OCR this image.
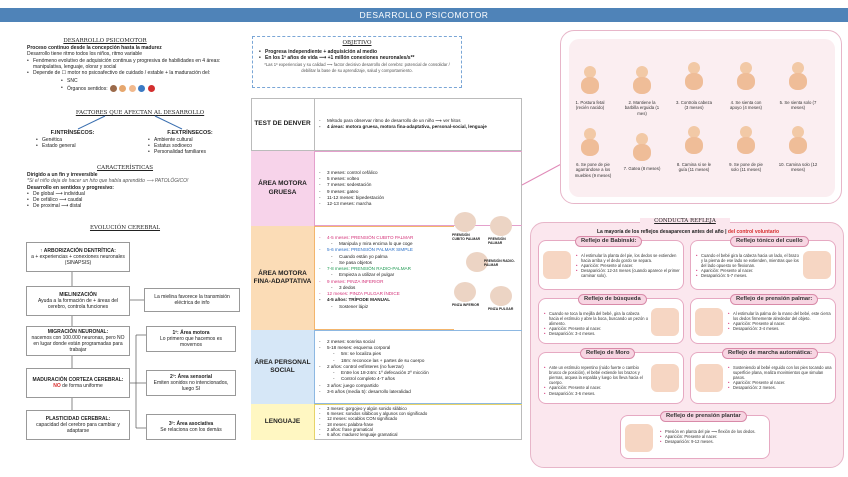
DESARROLLO PSICOMOTOR
DESARROLLO PSICOMOTOR
Proceso continuo desde la concepción hasta la madurez
Desarrollo tiene ritmo todos los niños, ritmo variable
• Fenómeno evolutivo de adquisición continua y progresiva de habilidades en 4 áreas: manipulativa, lenguaje, olorar y social
• Depende de ☐ motor no psicoafectivo de cuidado / estable + la maduración del:
• SNC
• Órganos sentidos:
FACTORES QUE AFECTAN AL DESARROLLO
F.INTRÍNSECOS:
• Genética
• Estado general
F.EXTRÍNSECOS:
• Ambiente cultural
• Estatus sodioeco
• Personalidad familiares
CARACTERÍSTICAS
Dirigido a un fin y irreversible
*Si el niño deja de hacer un hito que había aprendido ⟶ PATOLÓGICO!
Desarrollo en sentidos y progresivo:
• De global ⟶ individual
• De cefálico ⟶ caudal
• De proximal ⟶ distal
EVOLUCIÓN CEREBRAL
↑ ARBORIZACIÓN DENTRÍTICA:
a + experiencias + conexiones neuronales (SINAPSIS)
MIELINIZACIÓN
Ayuda a la formación de + áreas del cerebro, controla funciones
La mielina favorece la transmisión eléctrica de info
MIGRACIÓN NEURONAL:
nacemos con 100.000 neuronas, pero NO en lugar donde están programadas para trabajar
MADURACIÓN CORTEZA CEREBRAL:
NO de forma uniforme
PLASTICIDAD CEREBRAL:
capacidad del cerebro para cambiar y adaptarse
1º: Área motora
Lo primero que hacemos es movernos
2º: Área sensorial
Emiten sonidos no intencionados, luego SI
3º: Área asociativa
Se relaciona con los demás
OBJETIVO
• Progresa independiente + adquisición al medio
• En los 1º años de vida ⟶ +1 millón conexiones neuronales/s**
*Las 1º experiencias y su calidad ⟶ factor decisivo desarrollo del cerebro: potencial de consolidar / debilitar la base de su aprendizaje, salud y comportamiento.
TEST DE DENVER
-	Método para observar ritmo de desarrollo de un niño ⟶ ver hitos
- 4 áreas: motora gruesa, motora fina-adaptativa, personal-social, lenguaje
ÁREA MOTORA GRUESA
- 3 meses: control cefálico
- 5 meses: volteo
- 7 meses: sedestación
- 9 meses: gateo
- 11-12 meses: bipedestación
- 12-13 meses: marcha
ÁREA MOTORA FINA-ADAPTATIVA
- 4-5 meses: PRENSIÓN CUBITO PALMAR
- Manipula y mira encima lo que coge
- 5-6 meses: PRENSIÓN PALMAR SIMPLE
- Cuando están yo palma
- Se pasa objetos
- 7-8 meses: PRENSIÓN RADIO-PALMAR
- Empieza a utilizar el pulgar
- 9 meses: PINZA INFERIOR
- 3 dedos
- 12 meses: PINZA PULGAR ÍNDICE
- 4-5 años: TRÍPODE MANUAL
- Sostener lápiz
PRENSIÓN CUBITO PALMAR	PRENSIÓN PALMAR
PRENSIÓN RADIO-PALMAR
PINZA INFERIOR
PINZA PULGAR
ÁREA PERSONAL SOCIAL
- 2 meses: sonrisa social
- 5-18 meses: esquema corporal
- 5m: se localiza pies
- 18m: reconoce las + partes de su cuerpo
- 2 años: control esfínteres (no fuerzar)
- Entre los 18-24m: 1º defecación 2º micción
- Control completo 4-7 años
- 3 años: juego compartido
- 3-6 años (media 5): desarrollo lateralidad
LENGUAJE
- 3 meses: gorgojeo y algún sonido silábico
- 6 meses: sonidos silábicos y algunos con significado
- 12 meses: vocablos CON significado
- 18 meses: palabra-frase
- 2 años: frase gramatical
- 6 años: madurez lenguaje gramatical
1. Postura fetal (recién nacido)
2. Mantiene la barbilla erguida (1 mes)
3. Controla cabeza (3 meses)
4. Se sienta con apoyo (4 meses)
5. Se sienta solo (7 meses)
6. Se pone de pie agarrándose a los muebles (9 meses)
7. Gatea (8 meses)
8. Camina si se le guía (11 meses)
9. Se pone de pie solo (11 meses)
10. Camina solo (12 meses)
CONDUCTA REFLEJA
La mayoría de los reflejos desaparecen antes del año | del control voluntario
• Al estimular la planta del pie, los dedos se extienden hacia arriba y el dedo gordo se separa.
• Aparición: Presente al nacer.
• Desaparición: 12-24 meses (cuando aparece el primer caminar solo).
Reflejo de Babinski:
• Cuando el bebé gira la cabeza hacia un lado, el brazo y la pierna de ese lado se extienden, mientras que los del lado opuesto se flexionan.
• Aparición: Presente al nacer.
• Desaparición: 5-7 meses.
Reflejo tónico del cuello
• Cuando se toca la mejilla del bebé, gira la cabeza hacia el estímulo y abre la boca, buscando un pezón o alimento.
• Aparición: Presente al nacer.
• Desaparición: 3-4 meses.
Reflejo de búsqueda
• Al estimular la palma de la mano del bebé, este cierra los dedos firmemente alrededor del objeto.
• Aparición: Presente al nacer.
• Desaparición: 3-4 meses.
Reflejo de prensión palmar:
• Ante un estímulo repentino (ruido fuerte o cambio brusco de posición), el bebé extiende los brazos y piernas, arquea la espalda y luego los lleva hacia el cuerpo.
• Aparición: Presente al nacer.
• Desaparición: 3-6 meses.
Reflejo de Moro
• Sosteniendo al bebé erguido con los pies tocando una superficie plana, realiza movimientos que simulan pasos.
• Aparición: Presente al nacer.
• Desaparición: 2 meses.
Reflejo de marcha automática:
• Presión en planta del pie ⟶ flexión de los dedos.
• Aparición: Presente al nacer.
• Desaparición: 9-12 meses.
Reflejo de prensión plantar
